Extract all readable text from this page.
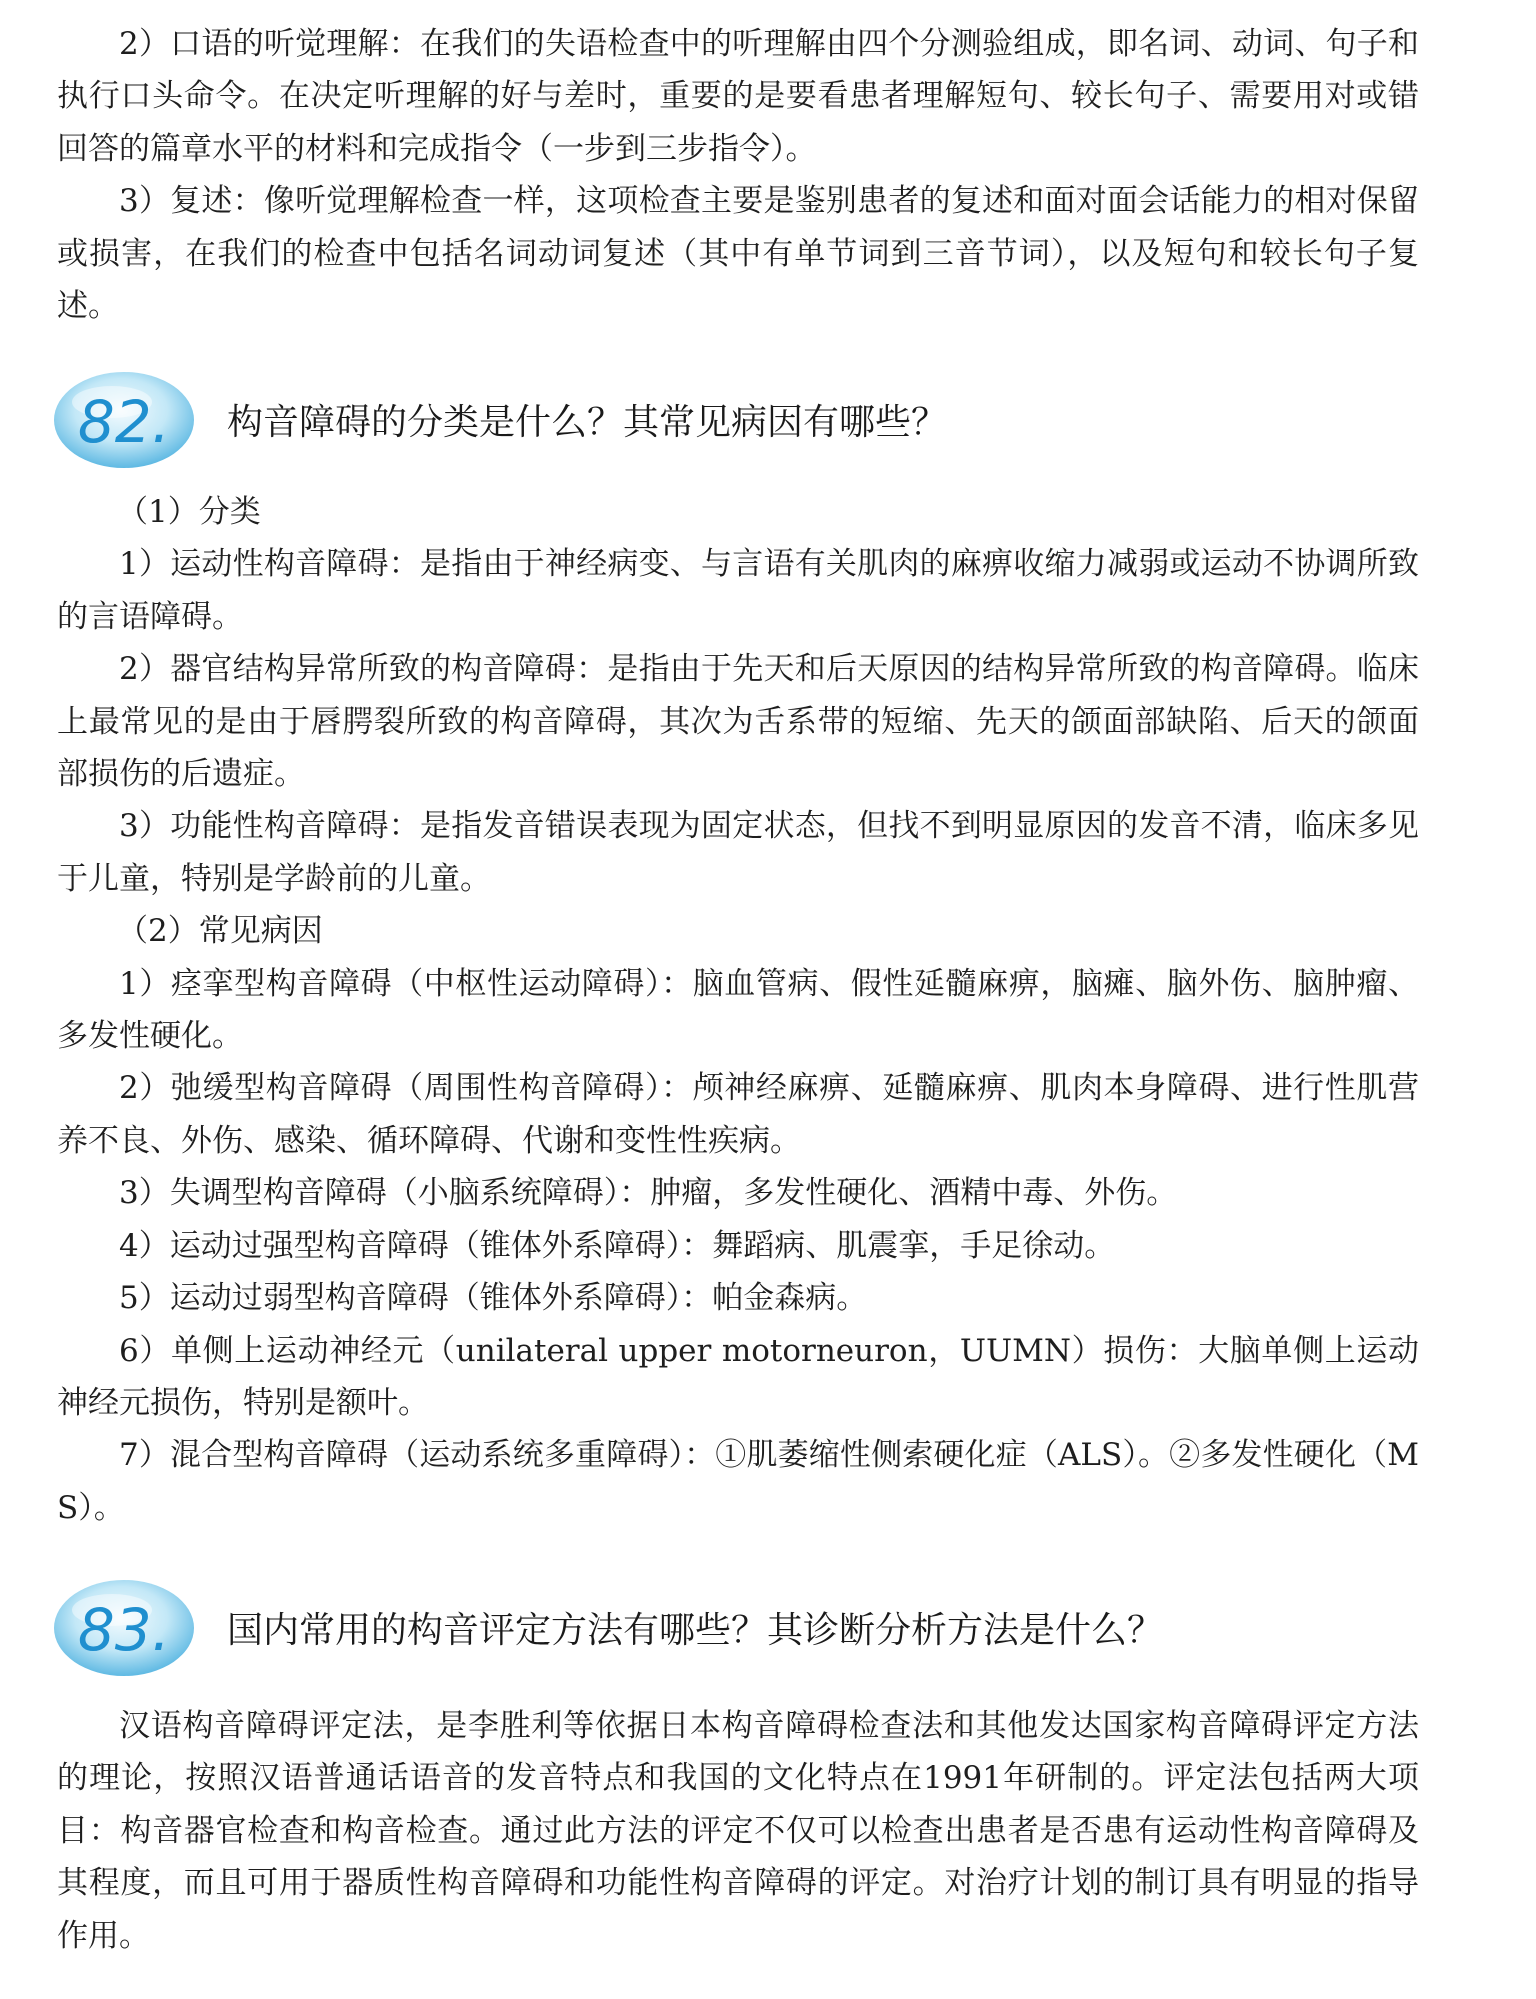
2）口语的听觉理解：在我们的失语检查中的听理解由四个分测验组成，即名词、动词、句子和执行口头命令。在决定听理解的好与差时，重要的是要看患者理解短句、较长句子、需要用对或错回答的篇章水平的材料和完成指令（一步到三步指令）。

3）复述：像听觉理解检查一样，这项检查主要是鉴别患者的复述和面对面会话能力的相对保留或损害，在我们的检查中包括名词动词复述（其中有单节词到三音节词），以及短句和较长句子复述。

82. 构音障碍的分类是什么？其常见病因有哪些？

（1）分类

1）运动性构音障碍：是指由于神经病变、与言语有关肌肉的麻痹收缩力减弱或运动不协调所致的言语障碍。

2）器官结构异常所致的构音障碍：是指由于先天和后天原因的结构异常所致的构音障碍。临床上最常见的是由于唇腭裂所致的构音障碍，其次为舌系带的短缩、先天的颌面部缺陷、后天的颌面部损伤的后遗症。

3）功能性构音障碍：是指发音错误表现为固定状态，但找不到明显原因的发音不清，临床多见于儿童，特别是学龄前的儿童。

（2）常见病因

1）痉挛型构音障碍（中枢性运动障碍）：脑血管病、假性延髓麻痹，脑瘫、脑外伤、脑肿瘤、多发性硬化。

2）弛缓型构音障碍（周围性构音障碍）：颅神经麻痹、延髓麻痹、肌肉本身障碍、进行性肌营养不良、外伤、感染、循环障碍、代谢和变性性疾病。

3）失调型构音障碍（小脑系统障碍）：肿瘤，多发性硬化、酒精中毒、外伤。

4）运动过强型构音障碍（锥体外系障碍）：舞蹈病、肌震挛，手足徐动。

5）运动过弱型构音障碍（锥体外系障碍）：帕金森病。

6）单侧上运动神经元（unilateral upper motorneuron，UUMN）损伤：大脑单侧上运动神经元损伤，特别是额叶。

7）混合型构音障碍（运动系统多重障碍）：①肌萎缩性侧索硬化症（ALS）。②多发性硬化（MS）。

83. 国内常用的构音评定方法有哪些？其诊断分析方法是什么？

汉语构音障碍评定法，是李胜利等依据日本构音障碍检查法和其他发达国家构音障碍评定方法的理论，按照汉语普通话语音的发音特点和我国的文化特点在1991年研制的。评定法包括两大项目：构音器官检查和构音检查。通过此方法的评定不仅可以检查出患者是否患有运动性构音障碍及其程度，而且可用于器质性构音障碍和功能性构音障碍的评定。对治疗计划的制订具有明显的指导作用。
